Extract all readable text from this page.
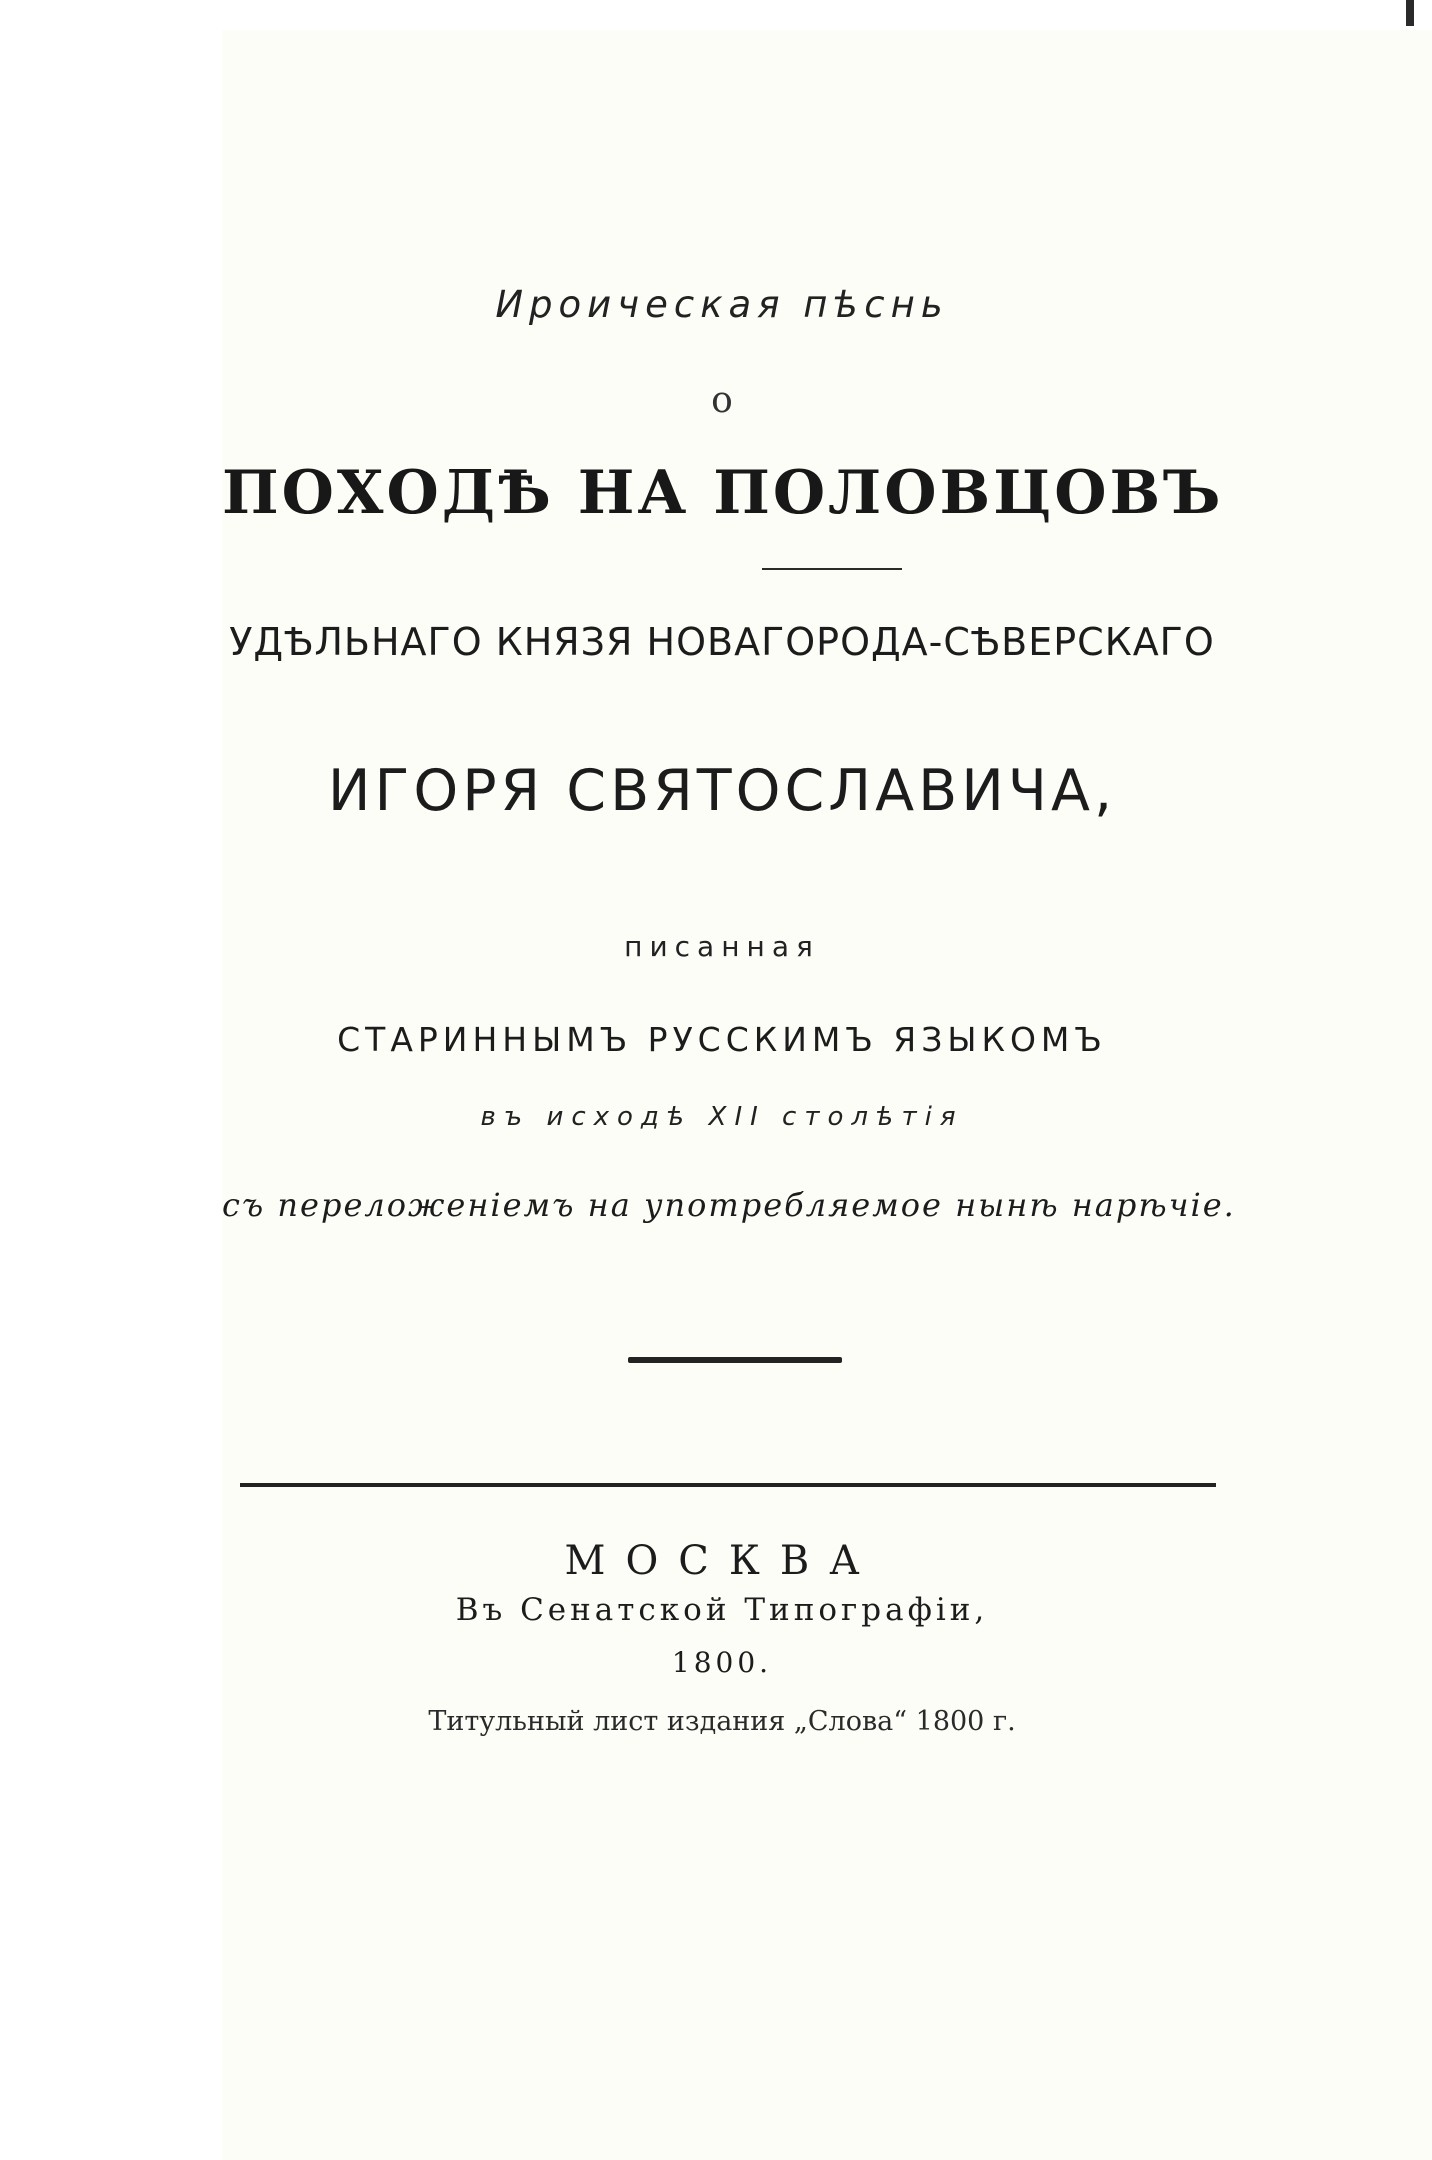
Ироическая пѣснь

о

ПОХОДѢ НА ПОЛОВЦОВЪ

УДѢЛЬНАГО КНЯЗЯ НОВАГОРОДА-СѢВЕРСКАГО

ИГОРЯ СВЯТОСЛАВИЧА,

писанная

СТАРИННЫМЪ РУССКИМЪ ЯЗЫКОМЪ

въ исходѣ XII столѣтія

съ переложеніемъ на употребляемое нынѣ нарѣчіе.

МОСКВА

Въ Сенатской Типографіи,

1800.

Титульный лист издания „Слова“ 1800 г.
